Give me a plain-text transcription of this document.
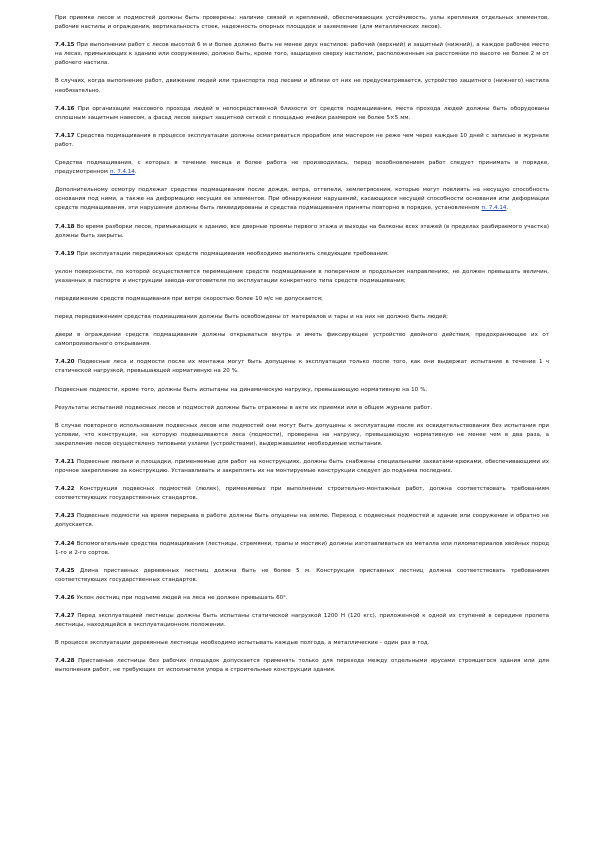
При приемке лесов и подмостей должны быть проверены: наличие связей и креплений, обеспечивающих устойчивость, узлы крепления отдельных элементов, рабочие настилы и ограждения, вертикальность стоек, надежность опорных площадок и заземление (для металлических лесов).

7.4.15 При выполнении работ с лесов высотой 6 м и более должно быть не менее двух настилов: рабочий (верхний) и защитный (нижний), а каждое рабочее место на лесах, примыкающих к зданию или сооружению, должно быть, кроме того, защищено сверху настилом, расположенным на расстоянии по высоте не более 2 м от рабочего настила.

В случаях, когда выполнение работ, движение людей или транспорта под лесами и вблизи от них не предусматривается, устройство защитного (нижнего) настила необязательно.

7.4.16 При организации массового прохода людей в непосредственной близости от средств подмащивания, места прохода людей должны быть оборудованы сплошным защитным навесом, а фасад лесов закрыт защитной сеткой с площадью ячейки размером не более 5×5 мм.

7.4.17 Средства подмащивания в процессе эксплуатации должны осматриваться прорабом или мастером не реже чем через каждые 10 дней с записью в журнале работ.

Средства подмащивания, с которых в течение месяца и более работа не производилась, перед возобновлением работ следует принимать в порядке, предусмотренном п. 7.4.14.

Дополнительному осмотру подлежат средства подмащивания после дождя, ветра, оттепели, землетрясения, которые могут повлиять на несущую способность основания под ними, а также на деформацию несущих ее элементов. При обнаружении нарушений, касающихся несущей способности основания или деформации средств подмащивания, эти нарушения должны быть ликвидированы и средства подмащивания приняты повторно в порядке, установленном п. 7.4.14.

7.4.18 Во время разборки лесов, примыкающих к зданию, все дверные проемы первого этажа и выходы на балконы всех этажей (в пределах разбираемого участка) должны быть закрыты.

7.4.19 При эксплуатации передвижных средств подмащивания необходимо выполнять следующие требования:

уклон поверхности, по которой осуществляется перемещение средств подмащивания в поперечном и продольном направлениях, не должен превышать величин, указанных в паспорте и инструкции завода-изготовителя по эксплуатации конкретного типа средств подмащивания;

передвижение средств подмащивания при ветре скоростью более 10 м/с не допускается;

перед передвижением средства подмащивания должны быть освобождены от материалов и тары и на них не должно быть людей;

двери в ограждении средств подмащивания должны открываться внутрь и иметь фиксирующее устройство двойного действия, предохраняющее их от самопроизвольного открывания.

7.4.20 Подвесные леса и подмости после их монтажа могут быть допущены к эксплуатации только после того, как они выдержат испытание в течение 1 ч статической нагрузкой, превышающей нормативную на 20 %.

Подвесные подмости, кроме того, должны быть испытаны на динамическую нагрузку, превышающую нормативную на 10 %.

Результаты испытаний подвесных лесов и подмостей должны быть отражены в акте их приемки или в общем журнале работ.

В случае повторного использования подвесных лесов или подмостей они могут быть допущены к эксплуатации после их освидетельствования без испытания при условии, что конструкция, на которую подвешиваются леса (подмости), проверена на нагрузку, превышающую нормативную не менее чем в два раза, а закрепление лесов осуществлено типовыми узлами (устройствами), выдержавшими необходимые испытания.

7.4.21 Подвесные люльки и площадки, применяемые для работ на конструкциях, должны быть снабжены специальными захватами-крюками, обеспечивающими их прочное закрепление за конструкцию. Устанавливать и закреплять их на монтируемые конструкции следует до подъема последних.

7.4.22 Конструкция подвесных подмостей (люлек), применяемых при выполнении строительно-монтажных работ, должна соответствовать требованиям соответствующих государственных стандартов.

7.4.23 Подвесные подмости на время перерыва в работе должны быть опущены на землю. Переход с подвесных подмостей в здание или сооружение и обратно не допускается.

7.4.24 Вспомогательные средства подмащивания (лестницы, стремянки, трапы и мостики) должны изготавливаться из металла или пиломатериалов хвойных пород 1-го и 2-го сортов.

7.4.25 Длина приставных деревянных лестниц должна быть не более 5 м. Конструкция приставных лестниц должна соответствовать требованиям соответствующих государственных стандартов.

7.4.26 Уклон лестниц при подъеме людей на леса не должен превышать 60°.

7.4.27 Перед эксплуатацией лестницы должны быть испытаны статической нагрузкой 1200 Н (120 кгс), приложенной к одной из ступеней в середине пролета лестницы, находящейся в эксплуатационном положении.

В процессе эксплуатации деревянные лестницы необходимо испытывать каждые полгода, а металлические - один раз в год.

7.4.28 Приставные лестницы без рабочих площадок допускается применять только для перехода между отдельными ярусами строящегося здания или для выполнения работ, не требующих от исполнителя упора в строительные конструкции здания.
